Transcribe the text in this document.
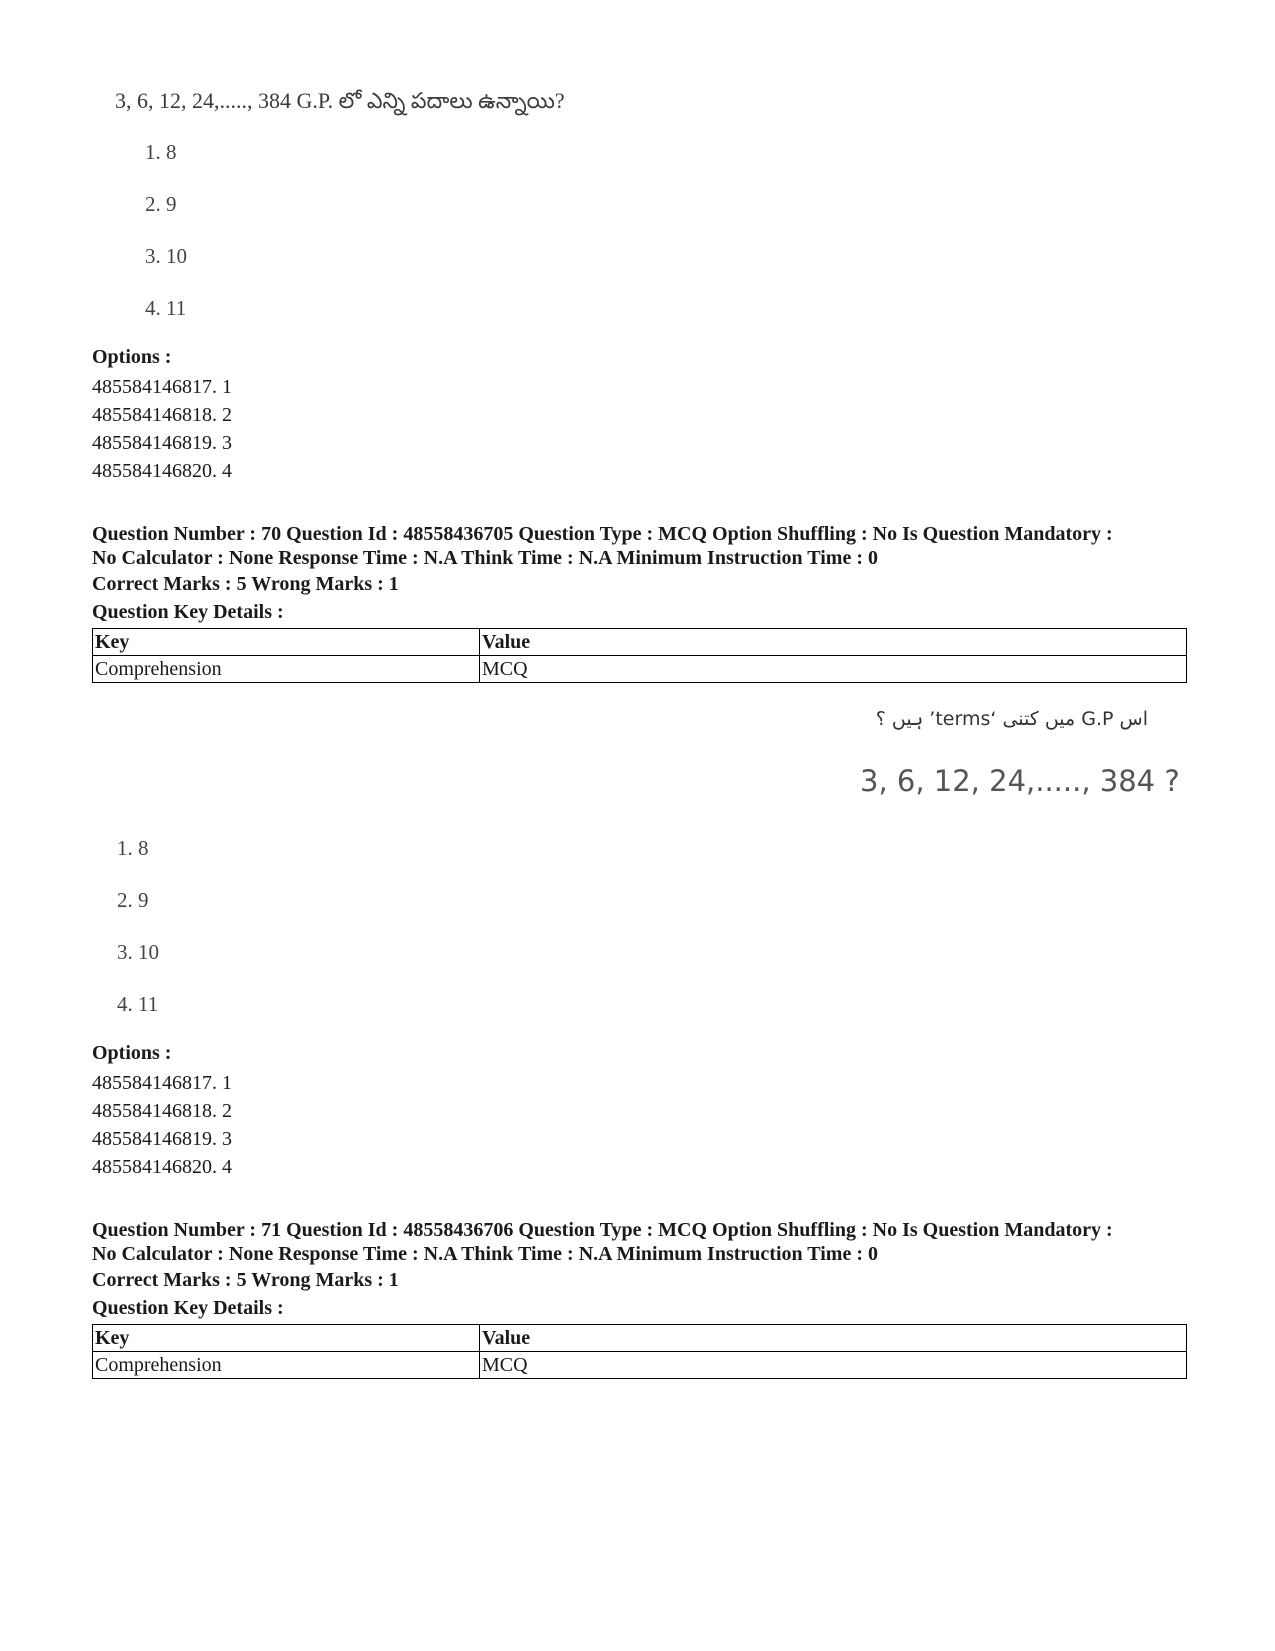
3, 6, 12, 24,....., 384 G.P. లో ఎన్ని పదాలు ఉన్నాయి?
1. 8
2. 9
3. 10
4. 11
Options :
485584146817. 1
485584146818. 2
485584146819. 3
485584146820. 4
Question Number : 70 Question Id : 48558436705 Question Type : MCQ Option Shuffling : No Is Question Mandatory :
No Calculator : None Response Time : N.A Think Time : N.A Minimum Instruction Time : 0
Correct Marks : 5 Wrong Marks : 1
Question Key Details :
Key	Value
Comprehension	MCQ
اس G.P میں کتنی ‘terms’ ہیں ؟
3, 6, 12, 24,....., 384 ?
1. 8
2. 9
3. 10
4. 11
Options :
485584146817. 1
485584146818. 2
485584146819. 3
485584146820. 4
Question Number : 71 Question Id : 48558436706 Question Type : MCQ Option Shuffling : No Is Question Mandatory :
No Calculator : None Response Time : N.A Think Time : N.A Minimum Instruction Time : 0
Correct Marks : 5 Wrong Marks : 1
Question Key Details :
Key	Value
Comprehension	MCQ
